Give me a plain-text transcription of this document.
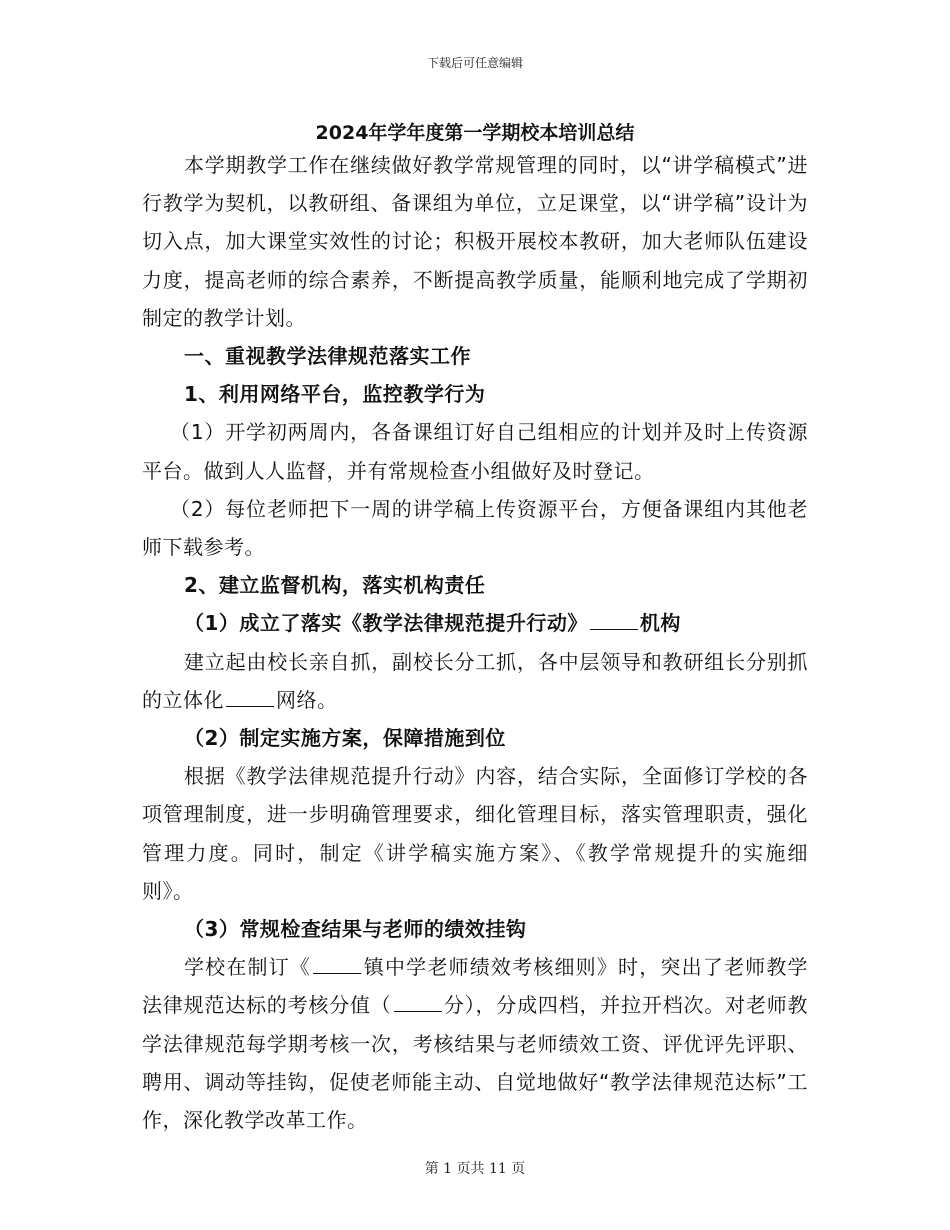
下载后可任意编辑
2024年学年度第一学期校本培训总结

本学期教学工作在继续做好教学常规管理的同时，以“讲学稿模式”进行教学为契机，以教研组、备课组为单位，立足课堂，以“讲学稿”设计为切入点，加大课堂实效性的讨论；积极开展校本教研，加大老师队伍建设力度，提高老师的综合素养，不断提高教学质量，能顺利地完成了学期初制定的教学计划。

一、重视教学法律规范落实工作

1、利用网络平台，监控教学行为

（1）开学初两周内，各备课组订好自己组相应的计划并及时上传资源平台。做到人人监督，并有常规检查小组做好及时登记。

（2）每位老师把下一周的讲学稿上传资源平台，方便备课组内其他老师下载参考。

2、建立监督机构，落实机构责任

（1）成立了落实《教学法律规范提升行动》	机构

建立起由校长亲自抓，副校长分工抓，各中层领导和教研组长分别抓的立体化	网络。

（2）制定实施方案，保障措施到位

根据《教学法律规范提升行动》内容，结合实际，全面修订学校的各项管理制度，进一步明确管理要求，细化管理目标，落实管理职责，强化管理力度。同时，制定《讲学稿实施方案》、《教学常规提升的实施细则》。

（3）常规检查结果与老师的绩效挂钩

学校在制订《	镇中学老师绩效考核细则》时，突出了老师教学法律规范达标的考核分值（	分），分成四档，并拉开档次。对老师教学法律规范每学期考核一次，考核结果与老师绩效工资、评优评先评职、聘用、调动等挂钩，促使老师能主动、自觉地做好“教学法律规范达标”工作，深化教学改革工作。

第 1 页共 11 页
